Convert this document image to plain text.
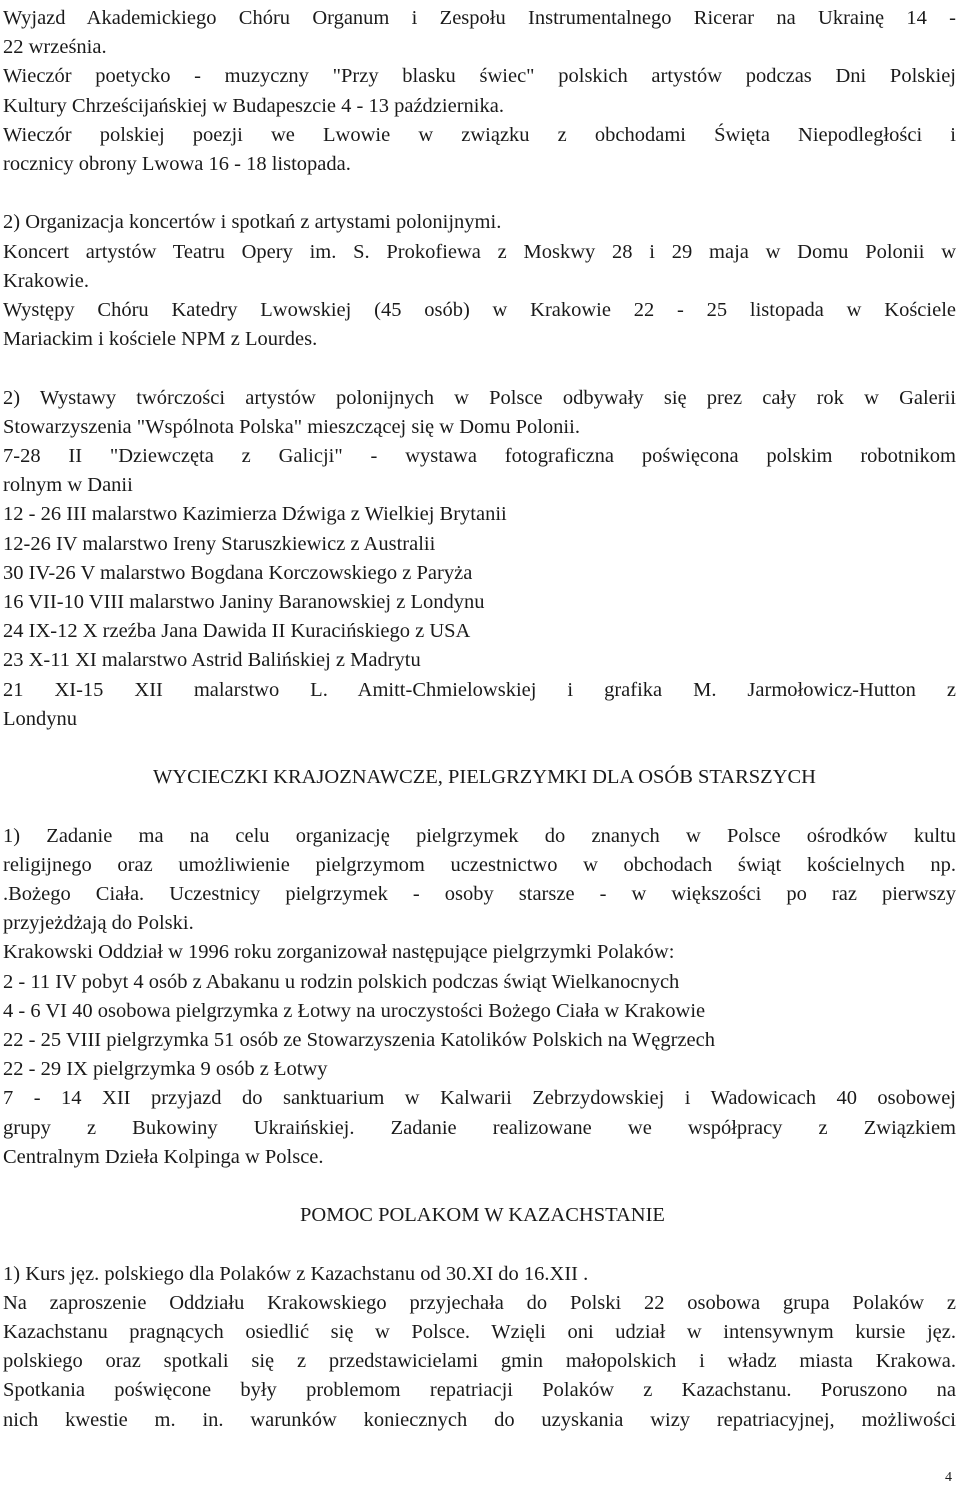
Wyjazd Akademickiego Chóru Organum i Zespołu Instrumentalnego Ricerar na Ukrainę 14 -

22 września.

Wieczór poetycko - muzyczny "Przy blasku świec" polskich artystów podczas Dni Polskiej

Kultury Chrześcijańskiej w Budapeszcie 4 - 13 października.

Wieczór polskiej poezji we Lwowie w związku z obchodami Święta Niepodległości i

rocznicy obrony Lwowa 16 - 18 listopada.

2) Organizacja koncertów i spotkań z artystami polonijnymi.

Koncert artystów Teatru Opery im. S. Prokofiewa z Moskwy 28 i 29 maja w Domu Polonii w

Krakowie.

Występy Chóru Katedry Lwowskiej (45 osób) w Krakowie 22 - 25 listopada w Kościele

Mariackim i kościele NPM z Lourdes.

2) Wystawy twórczości artystów polonijnych w Polsce odbywały się prez cały rok w Galerii

Stowarzyszenia "Wspólnota Polska" mieszczącej się w Domu Polonii.

7-28 II "Dziewczęta z Galicji" - wystawa fotograficzna poświęcona polskim robotnikom

rolnym w Danii

12 - 26 III malarstwo Kazimierza Dźwiga z Wielkiej Brytanii

12-26 IV malarstwo Ireny Staruszkiewicz z Australii

30 IV-26 V malarstwo Bogdana Korczowskiego z Paryża

16 VII-10 VIII malarstwo Janiny Baranowskiej z Londynu

24 IX-12 X rzeźba Jana Dawida II Kuracińskiego z USA

23 X-11 XI malarstwo Astrid Balińskiej z Madrytu

21 XI-15 XII malarstwo L. Amitt-Chmielowskiej i grafika M. Jarmołowicz-Hutton z

Londynu

WYCIECZKI KRAJOZNAWCZE, PIELGRZYMKI DLA OSÓB STARSZYCH

1) Zadanie ma na celu organizację pielgrzymek do znanych w Polsce ośrodków kultu

religijnego oraz umożliwienie pielgrzymom uczestnictwo w obchodach świąt kościelnych np.

.Bożego Ciała. Uczestnicy pielgrzymek - osoby starsze - w większości po raz pierwszy

przyjeżdżają do Polski.

Krakowski Oddział w 1996 roku zorganizował następujące pielgrzymki Polaków:

2 - 11 IV pobyt 4 osób z Abakanu u rodzin polskich podczas świąt Wielkanocnych

4 - 6 VI 40 osobowa pielgrzymka z Łotwy na uroczystości Bożego Ciała w Krakowie

22 - 25 VIII pielgrzymka 51 osób ze Stowarzyszenia Katolików Polskich na Węgrzech

22 - 29 IX pielgrzymka 9 osób z Łotwy

7 - 14 XII przyjazd do sanktuarium w Kalwarii Zebrzydowskiej i Wadowicach 40 osobowej

grupy z Bukowiny Ukraińskiej. Zadanie realizowane we współpracy z Związkiem

Centralnym Dzieła Kolpinga w Polsce.

POMOC POLAKOM W KAZACHSTANIE

1) Kurs jęz. polskiego dla Polaków z Kazachstanu od 30.XI do 16.XII .

Na zaproszenie Oddziału Krakowskiego przyjechała do Polski 22 osobowa grupa Polaków z

Kazachstanu pragnących osiedlić się w Polsce. Wzięli oni udział w intensywnym kursie jęz.

polskiego oraz spotkali się z przedstawicielami gmin małopolskich i władz miasta Krakowa.

Spotkania poświęcone były problemom repatriacji Polaków z Kazachstanu. Poruszono na

nich kwestie m. in. warunków koniecznych do uzyskania wizy repatriacyjnej, możliwości

4
